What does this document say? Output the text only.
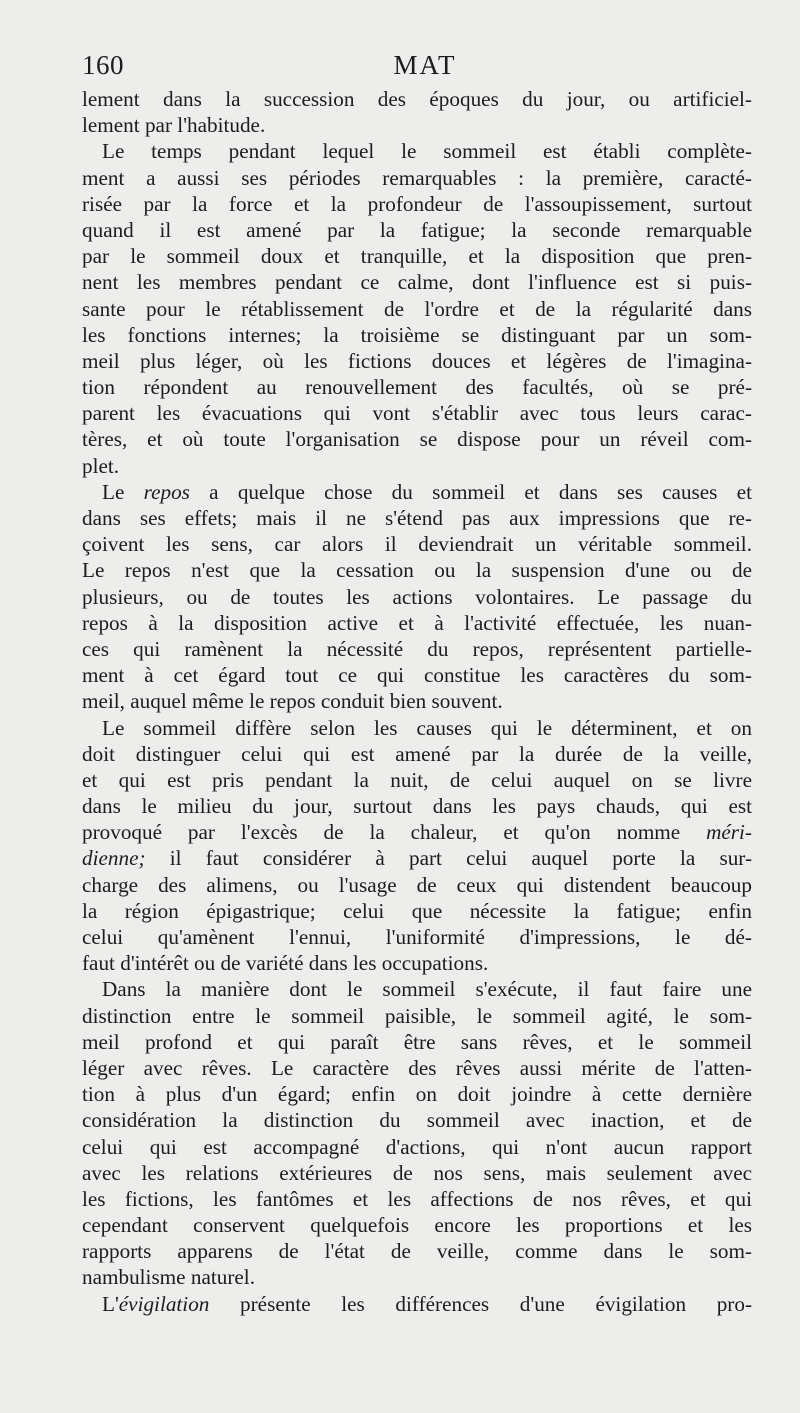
160	MAT
lement dans la succession des époques du jour, ou artificiel-
lement par l'habitude.
Le temps pendant lequel le sommeil est établi complète-
ment a aussi ses périodes remarquables : la première, caracté-
risée par la force et la profondeur de l'assoupissement, surtout
quand il est amené par la fatigue; la seconde remarquable
par le sommeil doux et tranquille, et la disposition que pren-
nent les membres pendant ce calme, dont l'influence est si puis-
sante pour le rétablissement de l'ordre et de la régularité dans
les fonctions internes; la troisième se distinguant par un som-
meil plus léger, où les fictions douces et légères de l'imagina-
tion répondent au renouvellement des facultés, où se pré-
parent les évacuations qui vont s'établir avec tous leurs carac-
tères, et où toute l'organisation se dispose pour un réveil com-
plet.
Le repos a quelque chose du sommeil et dans ses causes et
dans ses effets; mais il ne s'étend pas aux impressions que re-
çoivent les sens, car alors il deviendrait un véritable sommeil.
Le repos n'est que la cessation ou la suspension d'une ou de
plusieurs, ou de toutes les actions volontaires. Le passage du
repos à la disposition active et à l'activité effectuée, les nuan-
ces qui ramènent la nécessité du repos, représentent partielle-
ment à cet égard tout ce qui constitue les caractères du som-
meil, auquel même le repos conduit bien souvent.
Le sommeil diffère selon les causes qui le déterminent, et on
doit distinguer celui qui est amené par la durée de la veille,
et qui est pris pendant la nuit, de celui auquel on se livre
dans le milieu du jour, surtout dans les pays chauds, qui est
provoqué par l'excès de la chaleur, et qu'on nomme méri-
dienne; il faut considérer à part celui auquel porte la sur-
charge des alimens, ou l'usage de ceux qui distendent beaucoup
la région épigastrique; celui que nécessite la fatigue; enfin
celui qu'amènent l'ennui, l'uniformité d'impressions, le dé-
faut d'intérêt ou de variété dans les occupations.
Dans la manière dont le sommeil s'exécute, il faut faire une
distinction entre le sommeil paisible, le sommeil agité, le som-
meil profond et qui paraît être sans rêves, et le sommeil
léger avec rêves. Le caractère des rêves aussi mérite de l'atten-
tion à plus d'un égard; enfin on doit joindre à cette dernière
considération la distinction du sommeil avec inaction, et de
celui qui est accompagné d'actions, qui n'ont aucun rapport
avec les relations extérieures de nos sens, mais seulement avec
les fictions, les fantômes et les affections de nos rêves, et qui
cependant conservent quelquefois encore les proportions et les
rapports apparens de l'état de veille, comme dans le som-
nambulisme naturel.
L'évigilation présente les différences d'une évigilation pro-
